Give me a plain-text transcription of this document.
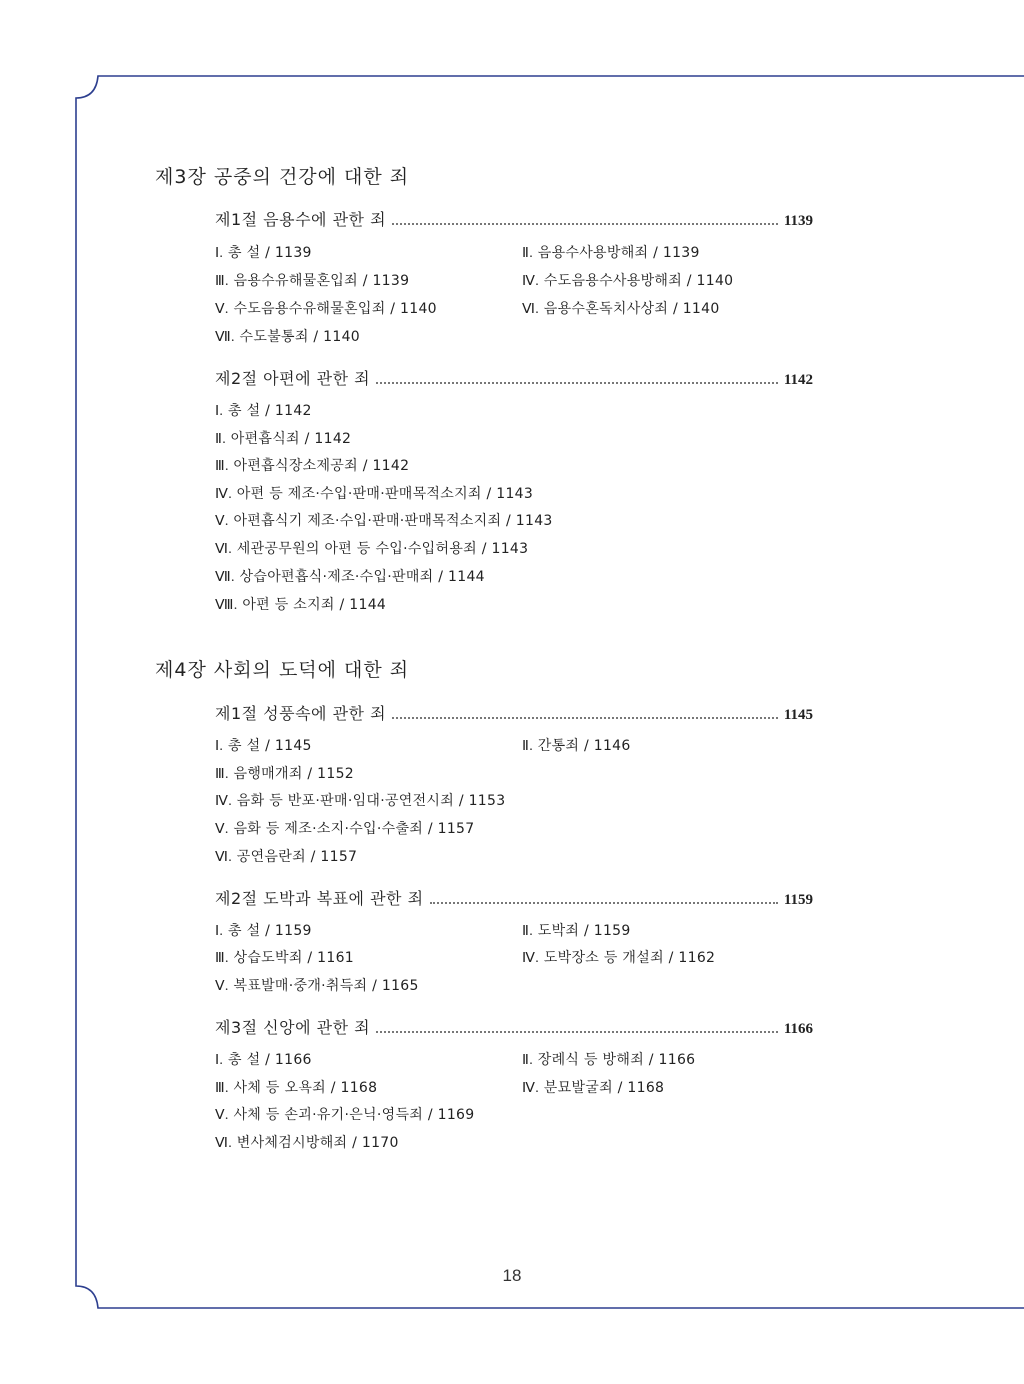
제3장 공중의 건강에 대한 죄
제1절 음용수에 관한 죄	1139
Ⅰ. 총 설 / 1139	Ⅱ. 음용수사용방해죄 / 1139
Ⅲ. 음용수유해물혼입죄 / 1139	Ⅳ. 수도음용수사용방해죄 / 1140
Ⅴ. 수도음용수유해물혼입죄 / 1140	Ⅵ. 음용수혼독치사상죄 / 1140
Ⅶ. 수도불통죄 / 1140
제2절 아편에 관한 죄	1142
Ⅰ. 총 설 / 1142
Ⅱ. 아편흡식죄 / 1142
Ⅲ. 아편흡식장소제공죄 / 1142
Ⅳ. 아편 등 제조·수입·판매·판매목적소지죄 / 1143
Ⅴ. 아편흡식기 제조·수입·판매·판매목적소지죄 / 1143
Ⅵ. 세관공무원의 아편 등 수입·수입허용죄 / 1143
Ⅶ. 상습아편흡식·제조·수입·판매죄 / 1144
Ⅷ. 아편 등 소지죄 / 1144
제4장 사회의 도덕에 대한 죄
제1절 성풍속에 관한 죄	1145
Ⅰ. 총 설 / 1145	Ⅱ. 간통죄 / 1146
Ⅲ. 음행매개죄 / 1152
Ⅳ. 음화 등 반포·판매·임대·공연전시죄 / 1153
Ⅴ. 음화 등 제조·소지·수입·수출죄 / 1157
Ⅵ. 공연음란죄 / 1157
제2절 도박과 복표에 관한 죄	1159
Ⅰ. 총 설 / 1159	Ⅱ. 도박죄 / 1159
Ⅲ. 상습도박죄 / 1161	Ⅳ. 도박장소 등 개설죄 / 1162
Ⅴ. 복표발매·중개·취득죄 / 1165
제3절 신앙에 관한 죄	1166
Ⅰ. 총 설 / 1166	Ⅱ. 장례식 등 방해죄 / 1166
Ⅲ. 사체 등 오욕죄 / 1168	Ⅳ. 분묘발굴죄 / 1168
Ⅴ. 사체 등 손괴·유기·은닉·영득죄 / 1169
Ⅵ. 변사체검시방해죄 / 1170
18
